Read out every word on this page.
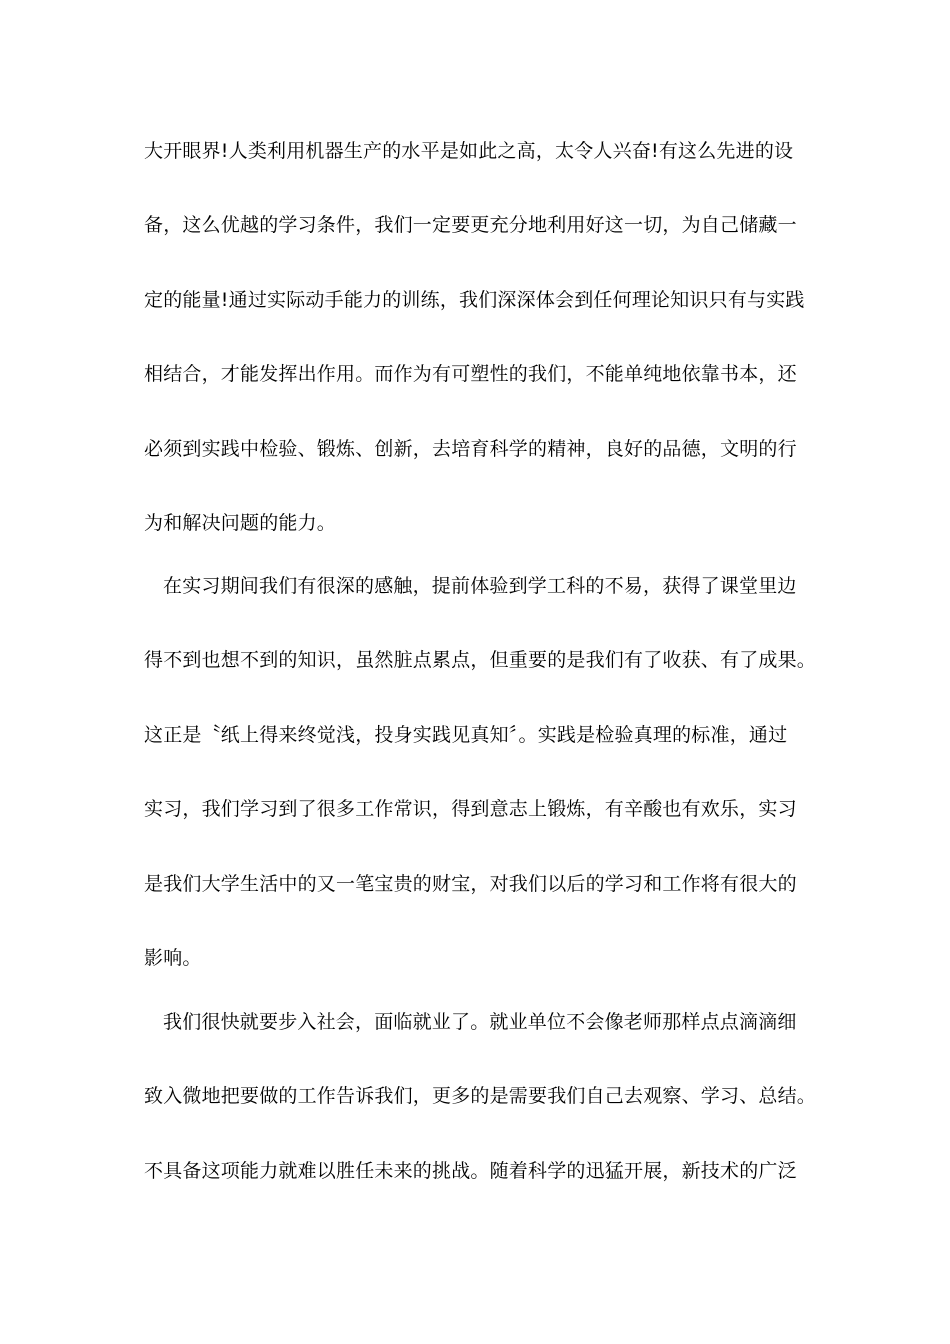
大开眼界!人类利用机器生产的水平是如此之高，太令人兴奋!有这么先进的设
备，这么优越的学习条件，我们一定要更充分地利用好这一切，为自己储藏一
定的能量!通过实际动手能力的训练，我们深深体会到任何理论知识只有与实践
相结合，才能发挥出作用。而作为有可塑性的我们，不能单纯地依靠书本，还
必须到实践中检验、锻炼、创新，去培育科学的精神，良好的品德，文明的行
为和解决问题的能力。
在实习期间我们有很深的感触，提前体验到学工科的不易，获得了课堂里边
得不到也想不到的知识，虽然脏点累点，但重要的是我们有了收获、有了成果。
这正是〝纸上得来终觉浅，投身实践见真知〞。实践是检验真理的标准，通过
实习，我们学习到了很多工作常识，得到意志上锻炼，有辛酸也有欢乐，实习
是我们大学生活中的又一笔宝贵的财宝，对我们以后的学习和工作将有很大的
影响。
我们很快就要步入社会，面临就业了。就业单位不会像老师那样点点滴滴细
致入微地把要做的工作告诉我们，更多的是需要我们自己去观察、学习、总结。
不具备这项能力就难以胜任未来的挑战。随着科学的迅猛开展，新技术的广泛
